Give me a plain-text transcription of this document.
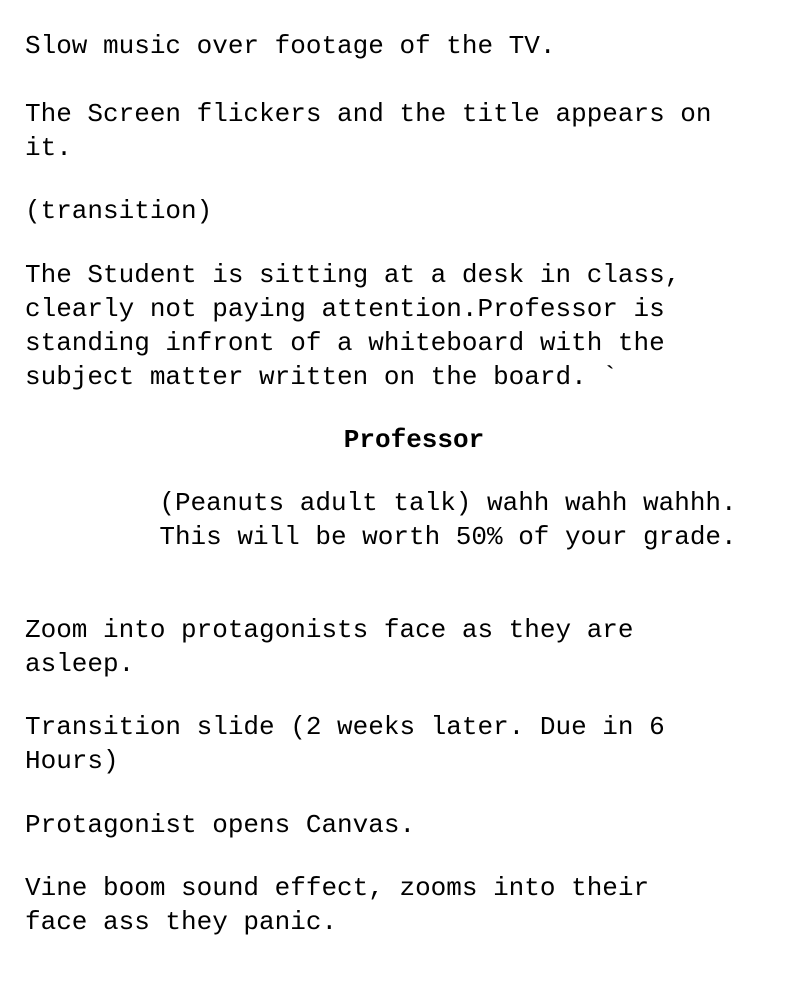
Slow music over footage of the TV.

The Screen flickers and the title appears on

it.

(transition)

The Student is sitting at a desk in class,

clearly not paying attention.Professor is

standing infront of a whiteboard with the

subject matter written on the board. `

Professor

(Peanuts adult talk) wahh wahh wahhh.

This will be worth 50% of your grade.

Zoom into protagonists face as they are

asleep.

Transition slide (2 weeks later. Due in 6

Hours)

Protagonist opens Canvas.

Vine boom sound effect, zooms into their

face ass they panic.
